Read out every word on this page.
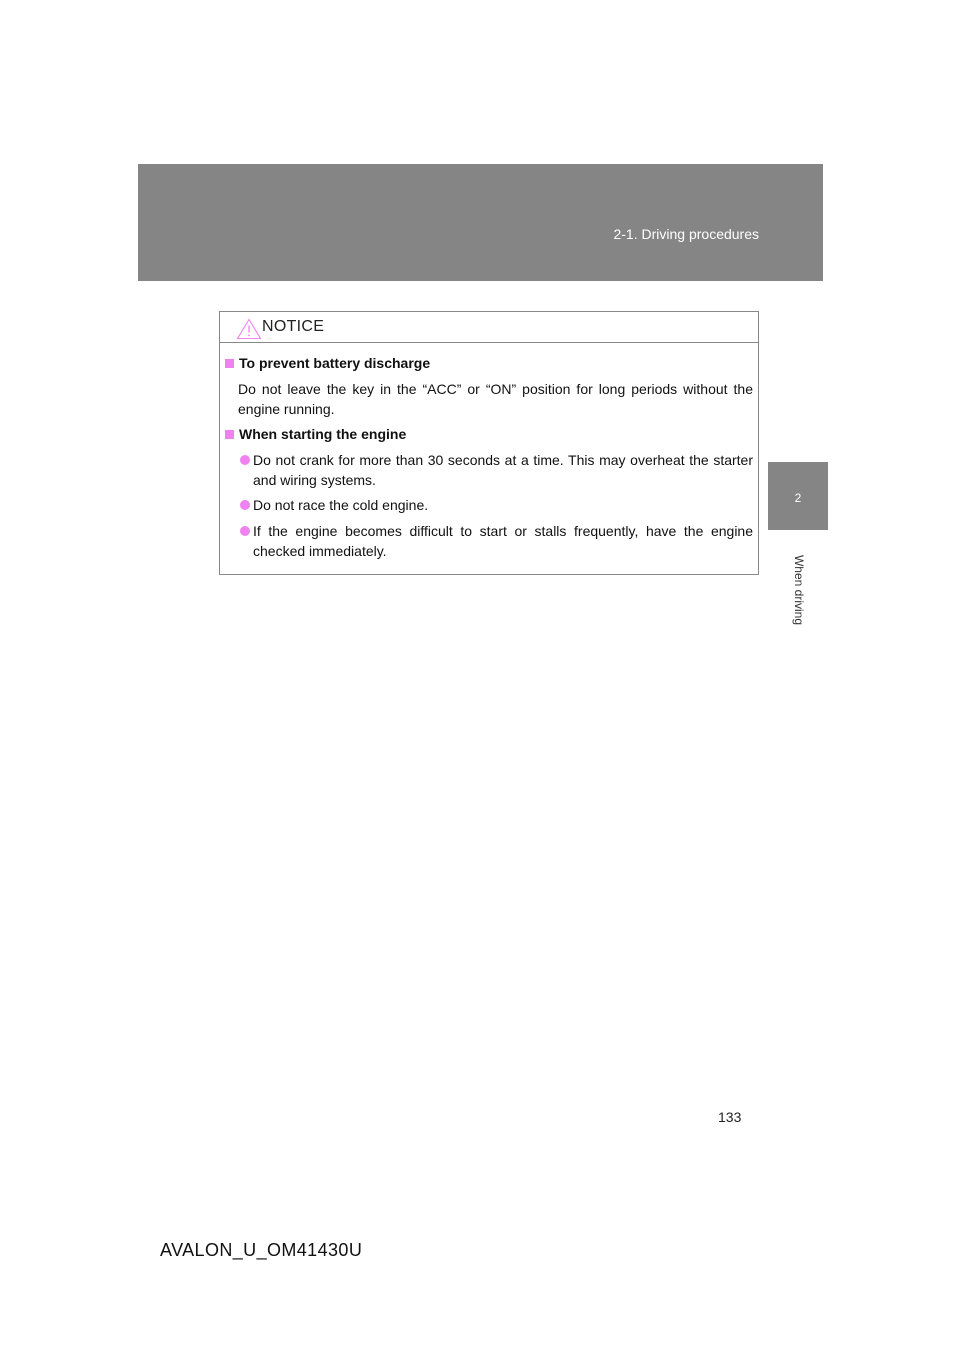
2-1. Driving procedures
2
When driving
NOTICE
To prevent battery discharge
Do not leave the key in the “ACC” or “ON” position for long periods without the engine running.
When starting the engine
Do not crank for more than 30 seconds at a time. This may overheat the starter and wiring systems.
Do not race the cold engine.
If the engine becomes difficult to start or stalls frequently, have the engine checked immediately.
133
AVALON_U_OM41430U
